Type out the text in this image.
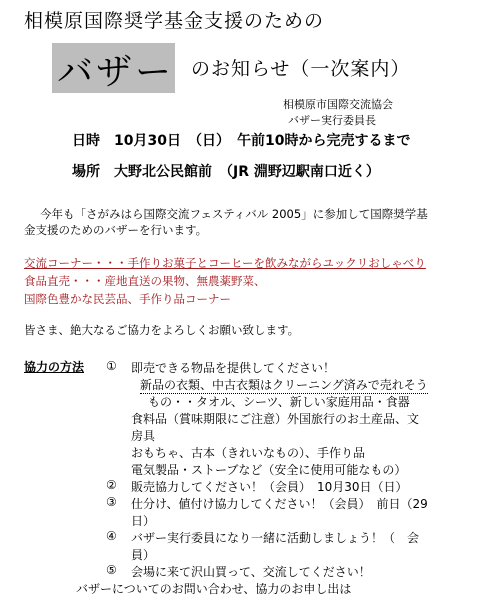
相模原国際奨学基金支援のための
バザー のお知らせ（一次案内）
相模原市国際交流協会
バザー実行委員長
日時　10月30日　（日）　午前10時から完売するまで
場所　大野北公民館前　（JR 淵野辺駅南口近く）
今年も「さがみはら国際交流フェスティバル 2005」に参加して国際奨学基
金支援のためのバザーを行います。
交流コーナー・・・手作りお菓子とコーヒーを飲みながらユックリおしゃべり
食品直売・・・産地直送の果物、無農薬野菜、
国際色豊かな民芸品、手作り品コーナー
皆さま、絶大なるご協力をよろしくお願い致します。
協力の方法 ① 即売できる物品を提供してください！
新品の衣類、中古衣類はクリーニング済みで売れそう
もの・・タオル、シーツ、新しい家庭用品・食器
食料品（賞味期限にご注意）外国旅行のお土産品、文
房具
おもちゃ、古本（きれいなもの）、手作り品
電気製品・ストーブなど（安全に使用可能なもの）
② 販売協力してください！（会員）　10月30日（日）
③ 仕分け、値付け協力してください！（会員）　前日（29
日）
④ バザー実行委員になり一緒に活動しましょう！（　会
員）
⑤ 会場に来て沢山買って、交流してください！
バザーについてのお問い合わせ、協力のお申し出は
